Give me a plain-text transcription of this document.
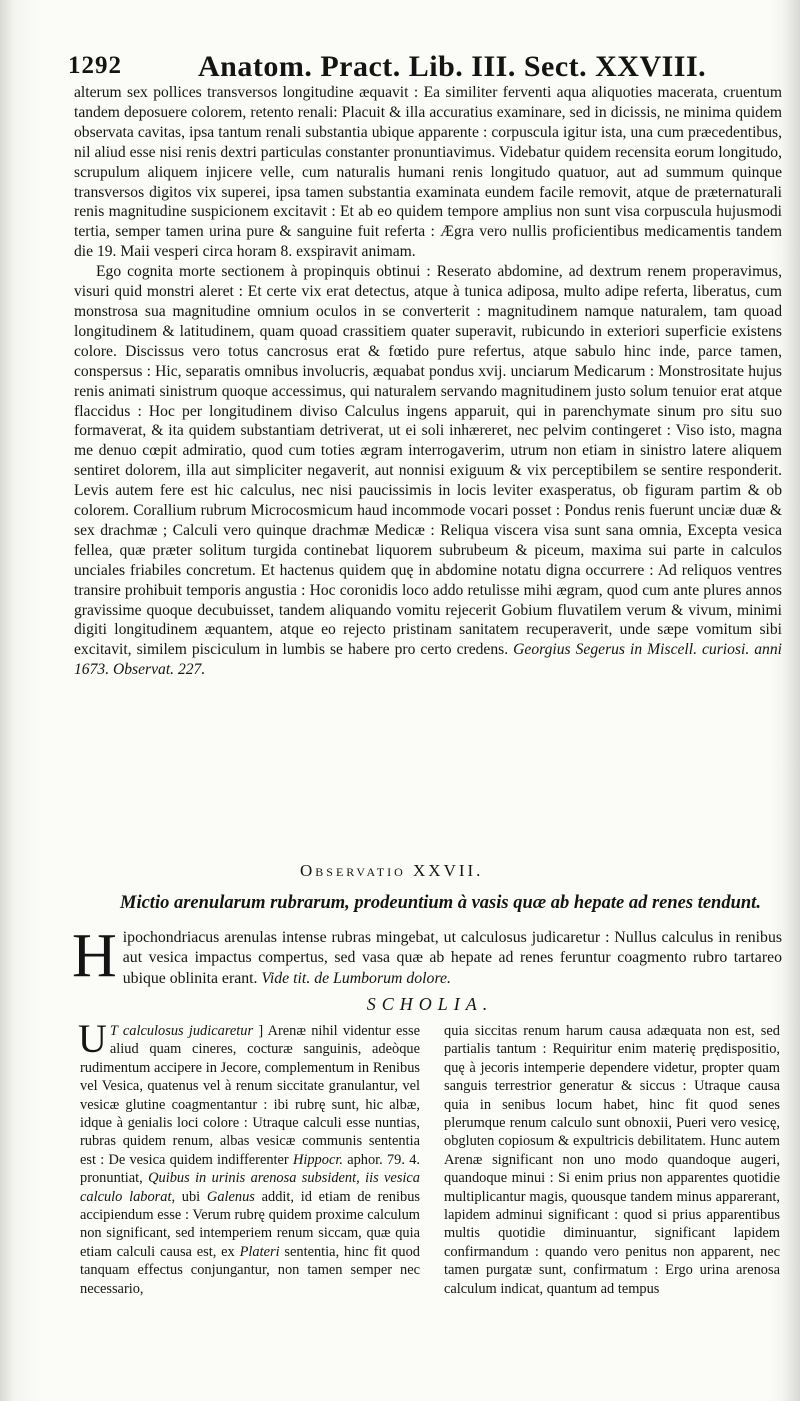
1292	Anatom. Pract. Lib. III. Sect. XXVIII.

alterum sex pollices transversos longitudine æquavit : Ea similiter ferventi aqua aliquoties macerata, cruentum tandem deposuere colorem, retento renali: Placuit & illa accuratius examinare, sed in dicissis, ne minima quidem observata cavitas, ipsa tantum renali substantia ubique apparente : corpuscula igitur ista, una cum præcedentibus, nil aliud esse nisi renis dextri particulas constanter pronuntiavimus. Videbatur quidem recensita eorum longitudo, scrupulum aliquem injicere velle, cum naturalis humani renis longitudo quatuor, aut ad summum quinque transversos digitos vix superei, ipsa tamen substantia examinata eundem facile removit, atque de præternaturali renis magnitudine suspicionem excitavit : Et ab eo quidem tempore amplius non sunt visa corpuscula hujusmodi tertia, semper tamen urina pure & sanguine fuit referta : Ægra vero nullis proficientibus medicamentis tandem die 19. Maii vesperi circa horam 8. exspiravit animam.

Ego cognita morte sectionem à propinquis obtinui : Reserato abdomine, ad dextrum renem properavimus, visuri quid monstri aleret : Et certe vix erat detectus, atque à tunica adiposa, multo adipe referta, liberatus, cum monstrosa sua magnitudine omnium oculos in se converterit : magnitudinem namque naturalem, tam quoad longitudinem & latitudinem, quam quoad crassitiem quater superavit, rubicundo in exteriori superficie existens colore. Discissus vero totus cancrosus erat & fœtido pure refertus, atque sabulo hinc inde, parce tamen, conspersus : Hic, separatis omnibus involucris, æquabat pondus xvij. unciarum Medicarum : Monstrositate hujus renis animati sinistrum quoque accessimus, qui naturalem servando magnitudinem justo solum tenuior erat atque flaccidus : Hoc per longitudinem diviso Calculus ingens apparuit, qui in parenchymate sinum pro situ suo formaverat, & ita quidem substantiam detriverat, ut ei soli inhæreret, nec pelvim contingeret : Viso isto, magna me denuo cœpit admiratio, quod cum toties ægram interrogaverim, utrum non etiam in sinistro latere aliquem sentiret dolorem, illa aut simpliciter negaverit, aut nonnisi exiguum & vix perceptibilem se sentire responderit. Levis autem fere est hic calculus, nec nisi paucissimis in locis leviter exasperatus, ob figuram partim & ob colorem. Corallium rubrum Microcosmicum haud incommode vocari posset : Pondus renis fuerunt unciæ duæ & sex drachmæ ; Calculi vero quinque drachmæ Medicæ : Reliqua viscera visa sunt sana omnia, Excepta vesica fellea, quæ præter solitum turgida continebat liquorem subrubeum & piceum, maxima sui parte in calculos unciales friabiles concretum. Et hactenus quidem quę in abdomine notatu digna occurrere : Ad reliquos ventres transire prohibuit temporis angustia : Hoc coronidis loco addo retulisse mihi ægram, quod cum ante plures annos gravissime quoque decubuisset, tandem aliquando vomitu rejecerit Gobium fluvatilem verum & vivum, minimi digiti longitudinem æquantem, atque eo rejecto pristinam sanitatem recuperaverit, unde sæpe vomitum sibi excitavit, similem pisciculum in lumbis se habere pro certo credens. Georgius Segerus in Miscell. curiosi. anni 1673. Observat. 227.

Observatio XXVII.
Mictio arenularum rubrarum, prodeuntium à vasis quæ ab hepate ad renes tendunt.
Hipochondriacus arenulas intense rubras mingebat, ut calculosus judicaretur : Nullus calculus in renibus aut vesica impactus compertus, sed vasa quæ ab hepate ad renes feruntur coagmento rubro tartareo ubique oblinita erant. Vide tit. de Lumborum dolore.
SCHOLIA.

U T calculosus judicaretur ] Arenæ nihil videntur esse aliud quam cineres, cocturæ sanguinis, adeòque rudimentum accipere in Jecore, complementum in Renibus vel Vesica, quatenus vel à renum siccitate granulantur, vel vesicæ glutine coagmentantur : ibi rubrę sunt, hic albæ, idque à genialis loci colore : Utraque calculi esse nuntias, rubras quidem renum, albas vesicæ communis sententia est : De vesica quidem indifferenter Hippocr. aphor. 79. 4. pronuntiat, Quibus in urinis arenosa subsident, iis vesica calculo laborat, ubi Galenus addit, id etiam de renibus accipiendum esse : Verum rubrę quidem proxime calculum non significant, sed intemperiem renum siccam, quæ quia etiam calculi causa est, ex Plateri sententia, hinc fit quod tanquam effectus conjungantur, non tamen semper nec necessario,

quia siccitas renum harum causa adæquata non est, sed partialis tantum : Requiritur enim materię prędispositio, quę à jecoris intemperie dependere videtur, propter quam sanguis terrestrior generatur & siccus : Utraque causa quia in senibus locum habet, hinc fit quod senes plerumque renum calculo sunt obnoxii, Pueri vero vesicę, obgluten copiosum & expultricis debilitatem. Hunc autem Arenæ significant non uno modo quandoque augeri, quandoque minui : Si enim prius non apparentes quotidie multiplicantur magis, quousque tandem minus apparerant, lapidem adminui significant : quod si prius apparentibus multis quotidie diminuantur, significant lapidem confirmandum : quando vero penitus non apparent, nec tamen purgatæ sunt, confirmatum : Ergo urina arenosa calculum indicat, quantum ad tempus
